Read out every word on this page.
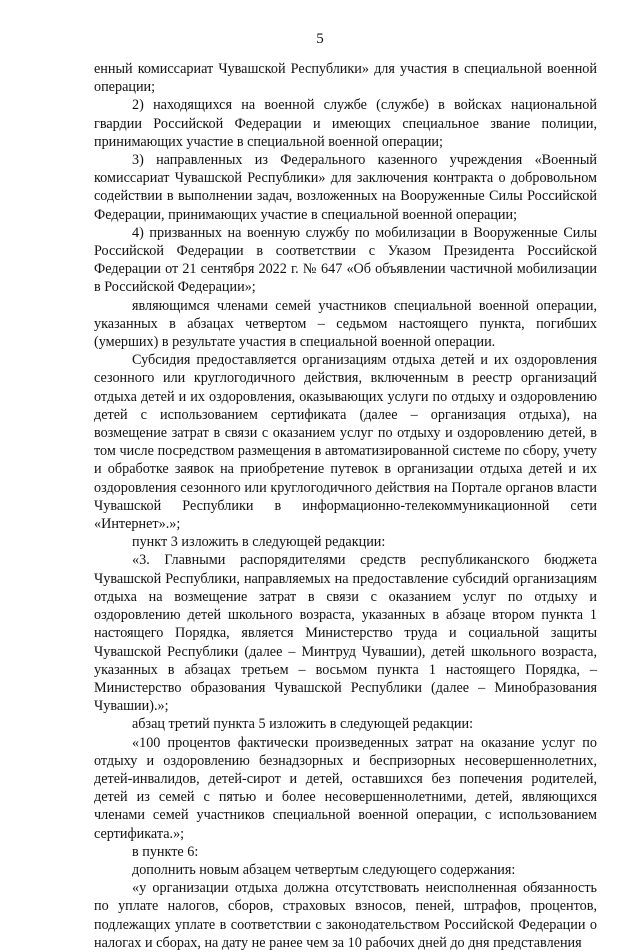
5

енный комиссариат Чувашской Республики» для участия в специальной военной операции;

2) находящихся на военной службе (службе) в войсках национальной гвардии Российской Федерации и имеющих специальное звание полиции, принимающих участие в специальной военной операции;

3) направленных из Федерального казенного учреждения «Военный комиссариат Чувашской Республики» для заключения контракта о добровольном содействии в выполнении задач, возложенных на Вооруженные Силы Российской Федерации, принимающих участие в специальной военной операции;

4) призванных на военную службу по мобилизации в Вооруженные Силы Российской Федерации в соответствии с Указом Президента Российской Федерации от 21 сентября 2022 г. № 647 «Об объявлении частичной мобилизации в Российской Федерации»;

являющимся членами семей участников специальной военной операции, указанных в абзацах четвертом – седьмом настоящего пункта, погибших (умерших) в результате участия в специальной военной операции.

Субсидия предоставляется организациям отдыха детей и их оздоровления сезонного или круглогодичного действия, включенным в реестр организаций отдыха детей и их оздоровления, оказывающих услуги по отдыху и оздоровлению детей с использованием сертификата (далее – организация отдыха), на возмещение затрат в связи с оказанием услуг по отдыху и оздоровлению детей, в том числе посредством размещения в автоматизированной системе по сбору, учету и обработке заявок на приобретение путевок в организации отдыха детей и их оздоровления сезонного или круглогодичного действия на Портале органов власти Чувашской Республики в информационно-телекоммуникационной сети «Интернет».»;

пункт 3 изложить в следующей редакции:

«3. Главными распорядителями средств республиканского бюджета Чувашской Республики, направляемых на предоставление субсидий организациям отдыха на возмещение затрат в связи с оказанием услуг по отдыху и оздоровлению детей школьного возраста, указанных в абзаце втором пункта 1 настоящего Порядка, является Министерство труда и социальной защиты Чувашской Республики (далее – Минтруд Чувашии), детей школьного возраста, указанных в абзацах третьем – восьмом пункта 1 настоящего Порядка, – Министерство образования Чувашской Республики (далее – Минобразования Чувашии).»;

абзац третий пункта 5 изложить в следующей редакции:

«100 процентов фактически произведенных затрат на оказание услуг по отдыху и оздоровлению безнадзорных и беспризорных несовершеннолетних, детей-инвалидов, детей-сирот и детей, оставшихся без попечения родителей, детей из семей с пятью и более несовершеннолетними, детей, являющихся членами семей участников специальной военной операции, с использованием сертификата.»;

в пункте 6:

дополнить новым абзацем четвертым следующего содержания:

«у организации отдыха должна отсутствовать неисполненная обязанность по уплате налогов, сборов, страховых взносов, пеней, штрафов, процентов, подлежащих уплате в соответствии с законодательством Российской Федерации о налогах и сборах, на дату не ранее чем за 10 рабочих дней до дня представления
